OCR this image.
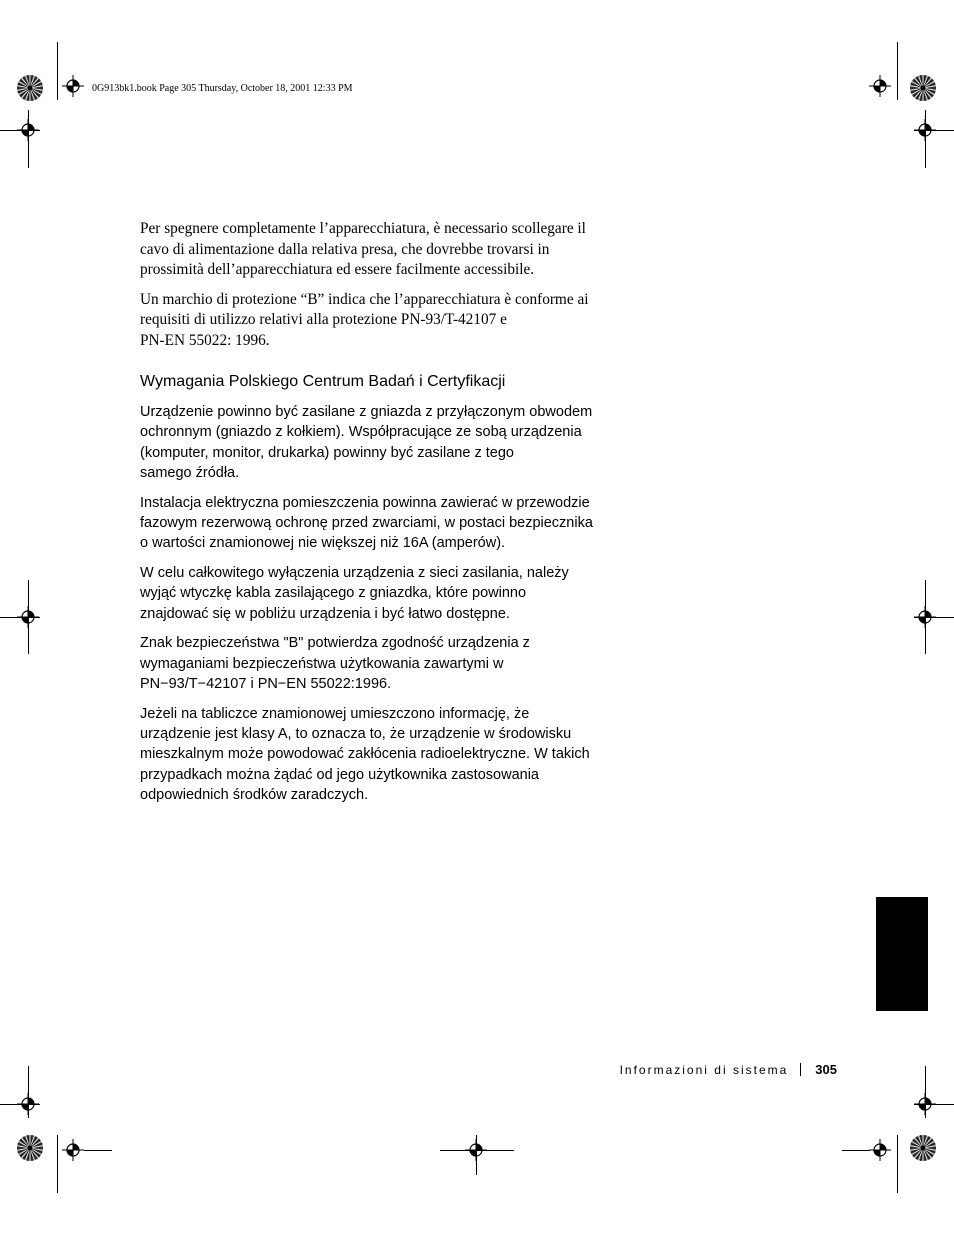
0G913bk1.book Page 305 Thursday, October 18, 2001 12:33 PM

Per spegnere completamente l’apparecchiatura, è necessario scollegare il
cavo di alimentazione dalla relativa presa, che dovrebbe trovarsi in
prossimità dell’apparecchiatura ed essere facilmente accessibile.

Un marchio di protezione “B” indica che l’apparecchiatura è conforme ai
requisiti di utilizzo relativi alla protezione PN-93/T-42107 e
PN-EN 55022: 1996.

Wymagania Polskiego Centrum Badań i Certyfikacji

Urządzenie powinno być zasilane z gniazda z przyłączonym obwodem
ochronnym (gniazdo z kołkiem). Współpracujące ze sobą urządzenia
(komputer, monitor, drukarka) powinny być zasilane z tego
samego źródła.

Instalacja elektryczna pomieszczenia powinna zawierać w przewodzie
fazowym rezerwową ochronę przed zwarciami, w postaci bezpiecznika
o wartości znamionowej nie większej niż 16A (amperów).

W celu całkowitego wyłączenia urządzenia z sieci zasilania, należy
wyjąć wtyczkę kabla zasilającego z gniazdka, które powinno
znajdować się w pobliżu urządzenia i być łatwo dostępne.

Znak bezpieczeństwa "B" potwierdza zgodność urządzenia z
wymaganiami bezpieczeństwa użytkowania zawartymi w
PN−93/T−42107 i PN−EN 55022:1996.

Jeżeli na tabliczce znamionowej umieszczono informację, że
urządzenie jest klasy A, to oznacza to, że urządzenie w środowisku
mieszkalnym może powodować zakłócenia radioelektryczne. W takich
przypadkach można żądać od jego użytkownika zastosowania
odpowiednich środków zaradczych.

Informazioni di sistema 305
